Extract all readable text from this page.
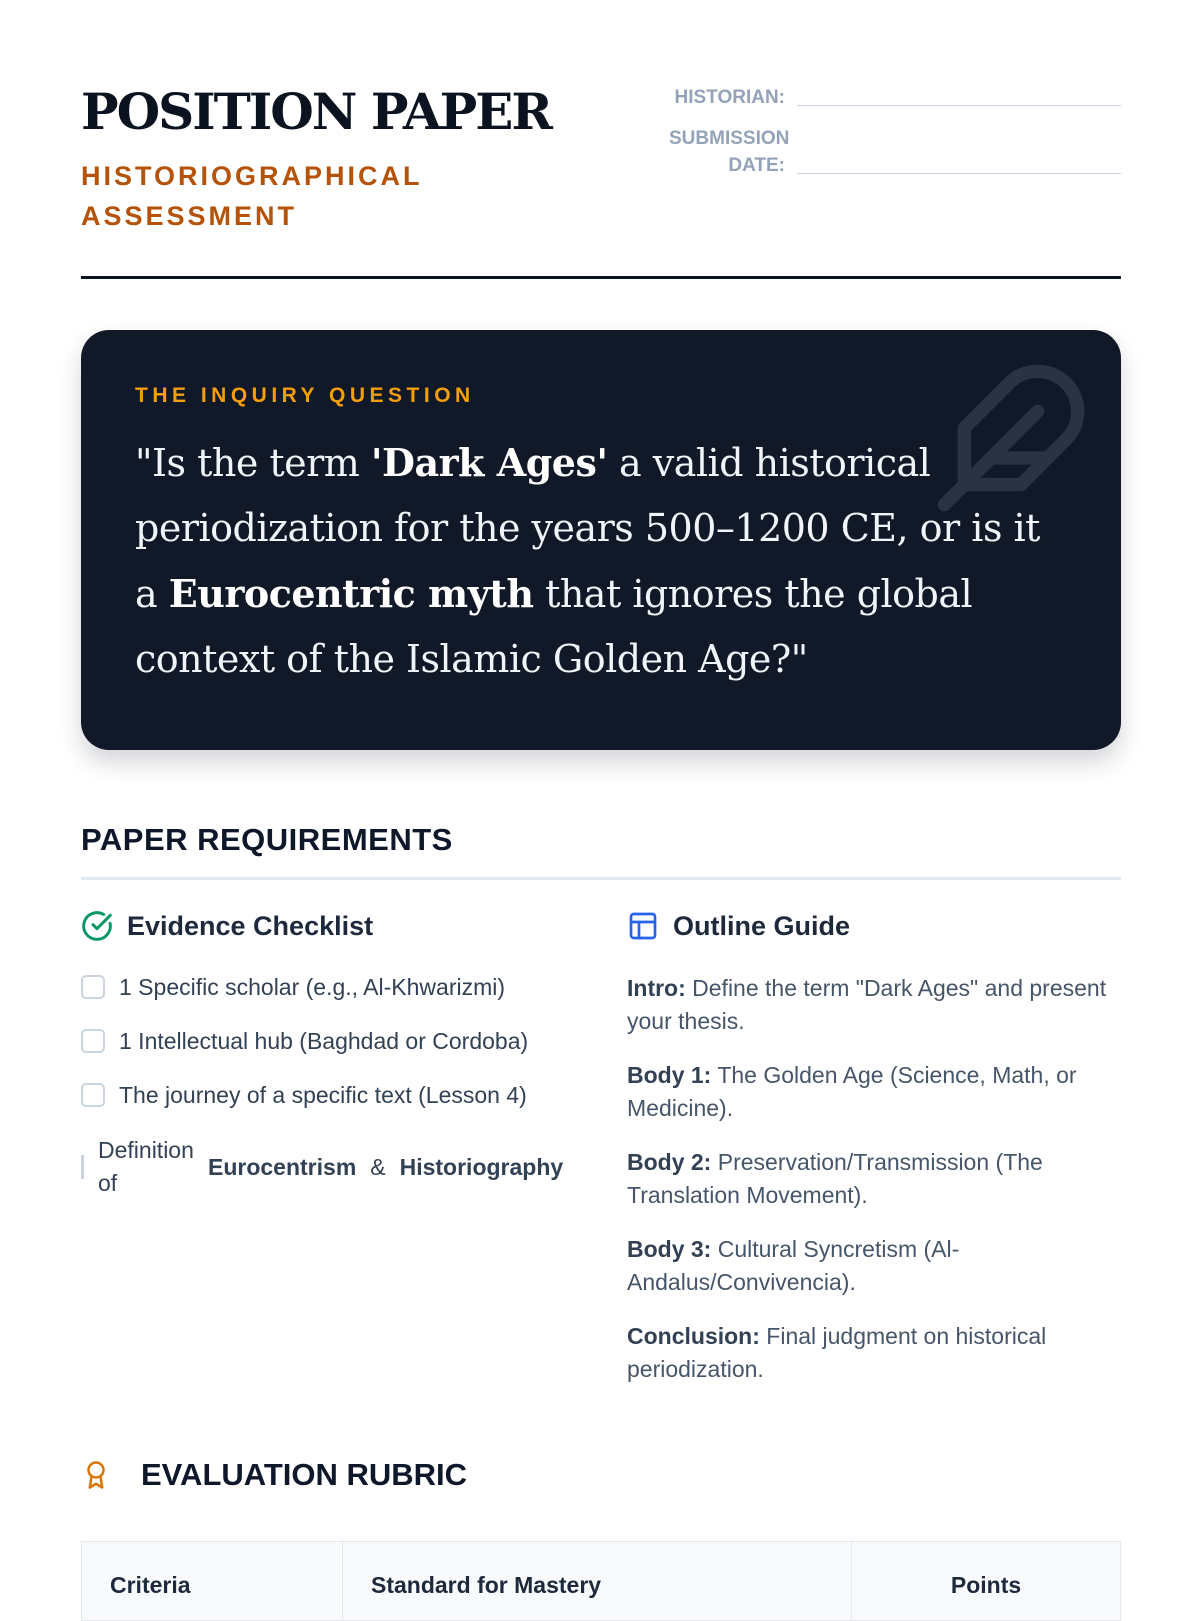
POSITION PAPER
HISTORIOGRAPHICAL ASSESSMENT
HISTORIAN:
SUBMISSION DATE:
THE INQUIRY QUESTION
"Is the term 'Dark Ages' a valid historical periodization for the years 500–1200 CE, or is it a Eurocentric myth that ignores the global context of the Islamic Golden Age?"
PAPER REQUIREMENTS
Evidence Checklist
1 Specific scholar (e.g., Al-Khwarizmi)
1 Intellectual hub (Baghdad or Cordoba)
The journey of a specific text (Lesson 4)
Definition of
Eurocentrism & Historiography
Outline Guide
Intro: Define the term "Dark Ages" and present your thesis.
Body 1: The Golden Age (Science, Math, or Medicine).
Body 2: Preservation/Transmission (The Translation Movement).
Body 3: Cultural Syncretism (Al-Andalus/Convivencia).
Conclusion: Final judgment on historical periodization.
EVALUATION RUBRIC
Criteria	Standard for Mastery	Points
